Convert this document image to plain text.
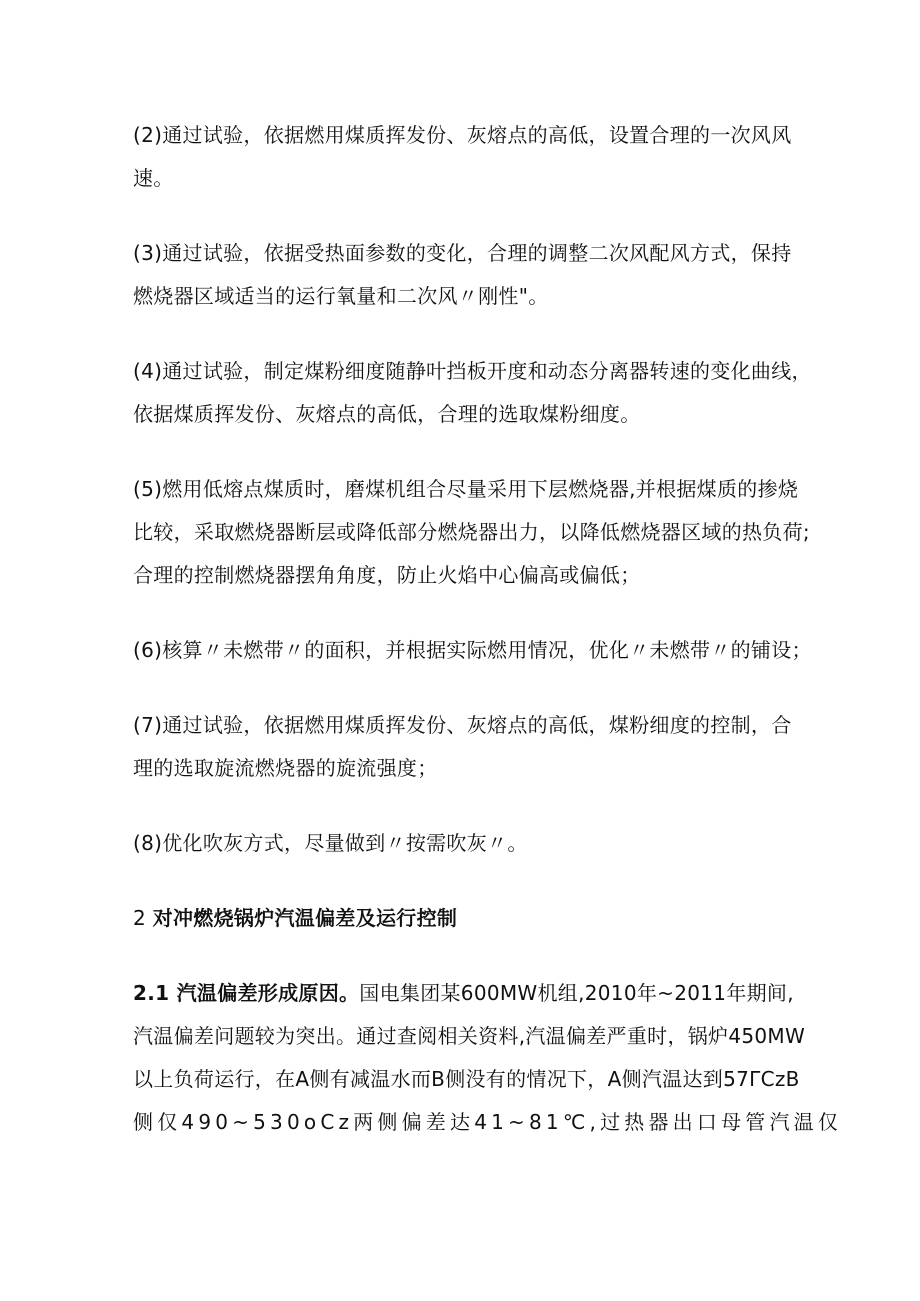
(2)通过试验，依据燃用煤质挥发份、灰熔点的高低，设置合理的一次风风
速。

(3)通过试验，依据受热面参数的变化，合理的调整二次风配风方式，保持
燃烧器区域适当的运行氧量和二次风〃刚性"。

(4)通过试验，制定煤粉细度随静叶挡板开度和动态分离器转速的变化曲线，
依据煤质挥发份、灰熔点的高低，合理的选取煤粉细度。

(5)燃用低熔点煤质时，磨煤机组合尽量采用下层燃烧器,并根据煤质的掺烧
比较，采取燃烧器断层或降低部分燃烧器出力，以降低燃烧器区域的热负荷;
合理的控制燃烧器摆角角度，防止火焰中心偏高或偏低；

(6)核算〃未燃带〃的面积，并根据实际燃用情况，优化〃未燃带〃的铺设；

(7)通过试验，依据燃用煤质挥发份、灰熔点的高低，煤粉细度的控制，合
理的选取旋流燃烧器的旋流强度；

(8)优化吹灰方式，尽量做到〃按需吹灰〃。

2 对冲燃烧锅炉汽温偏差及运行控制

2.1 汽温偏差形成原因。国电集团某600MW机组,2010年~2011年期间,
汽温偏差问题较为突出。通过查阅相关资料,汽温偏差严重时，锅炉450MW
以上负荷运行，在A侧有减温水而B侧没有的情况下，A侧汽温达到57ΓCzB
侧仅490~530oCz两侧偏差达41~81℃,过热器出口母管汽温仅
